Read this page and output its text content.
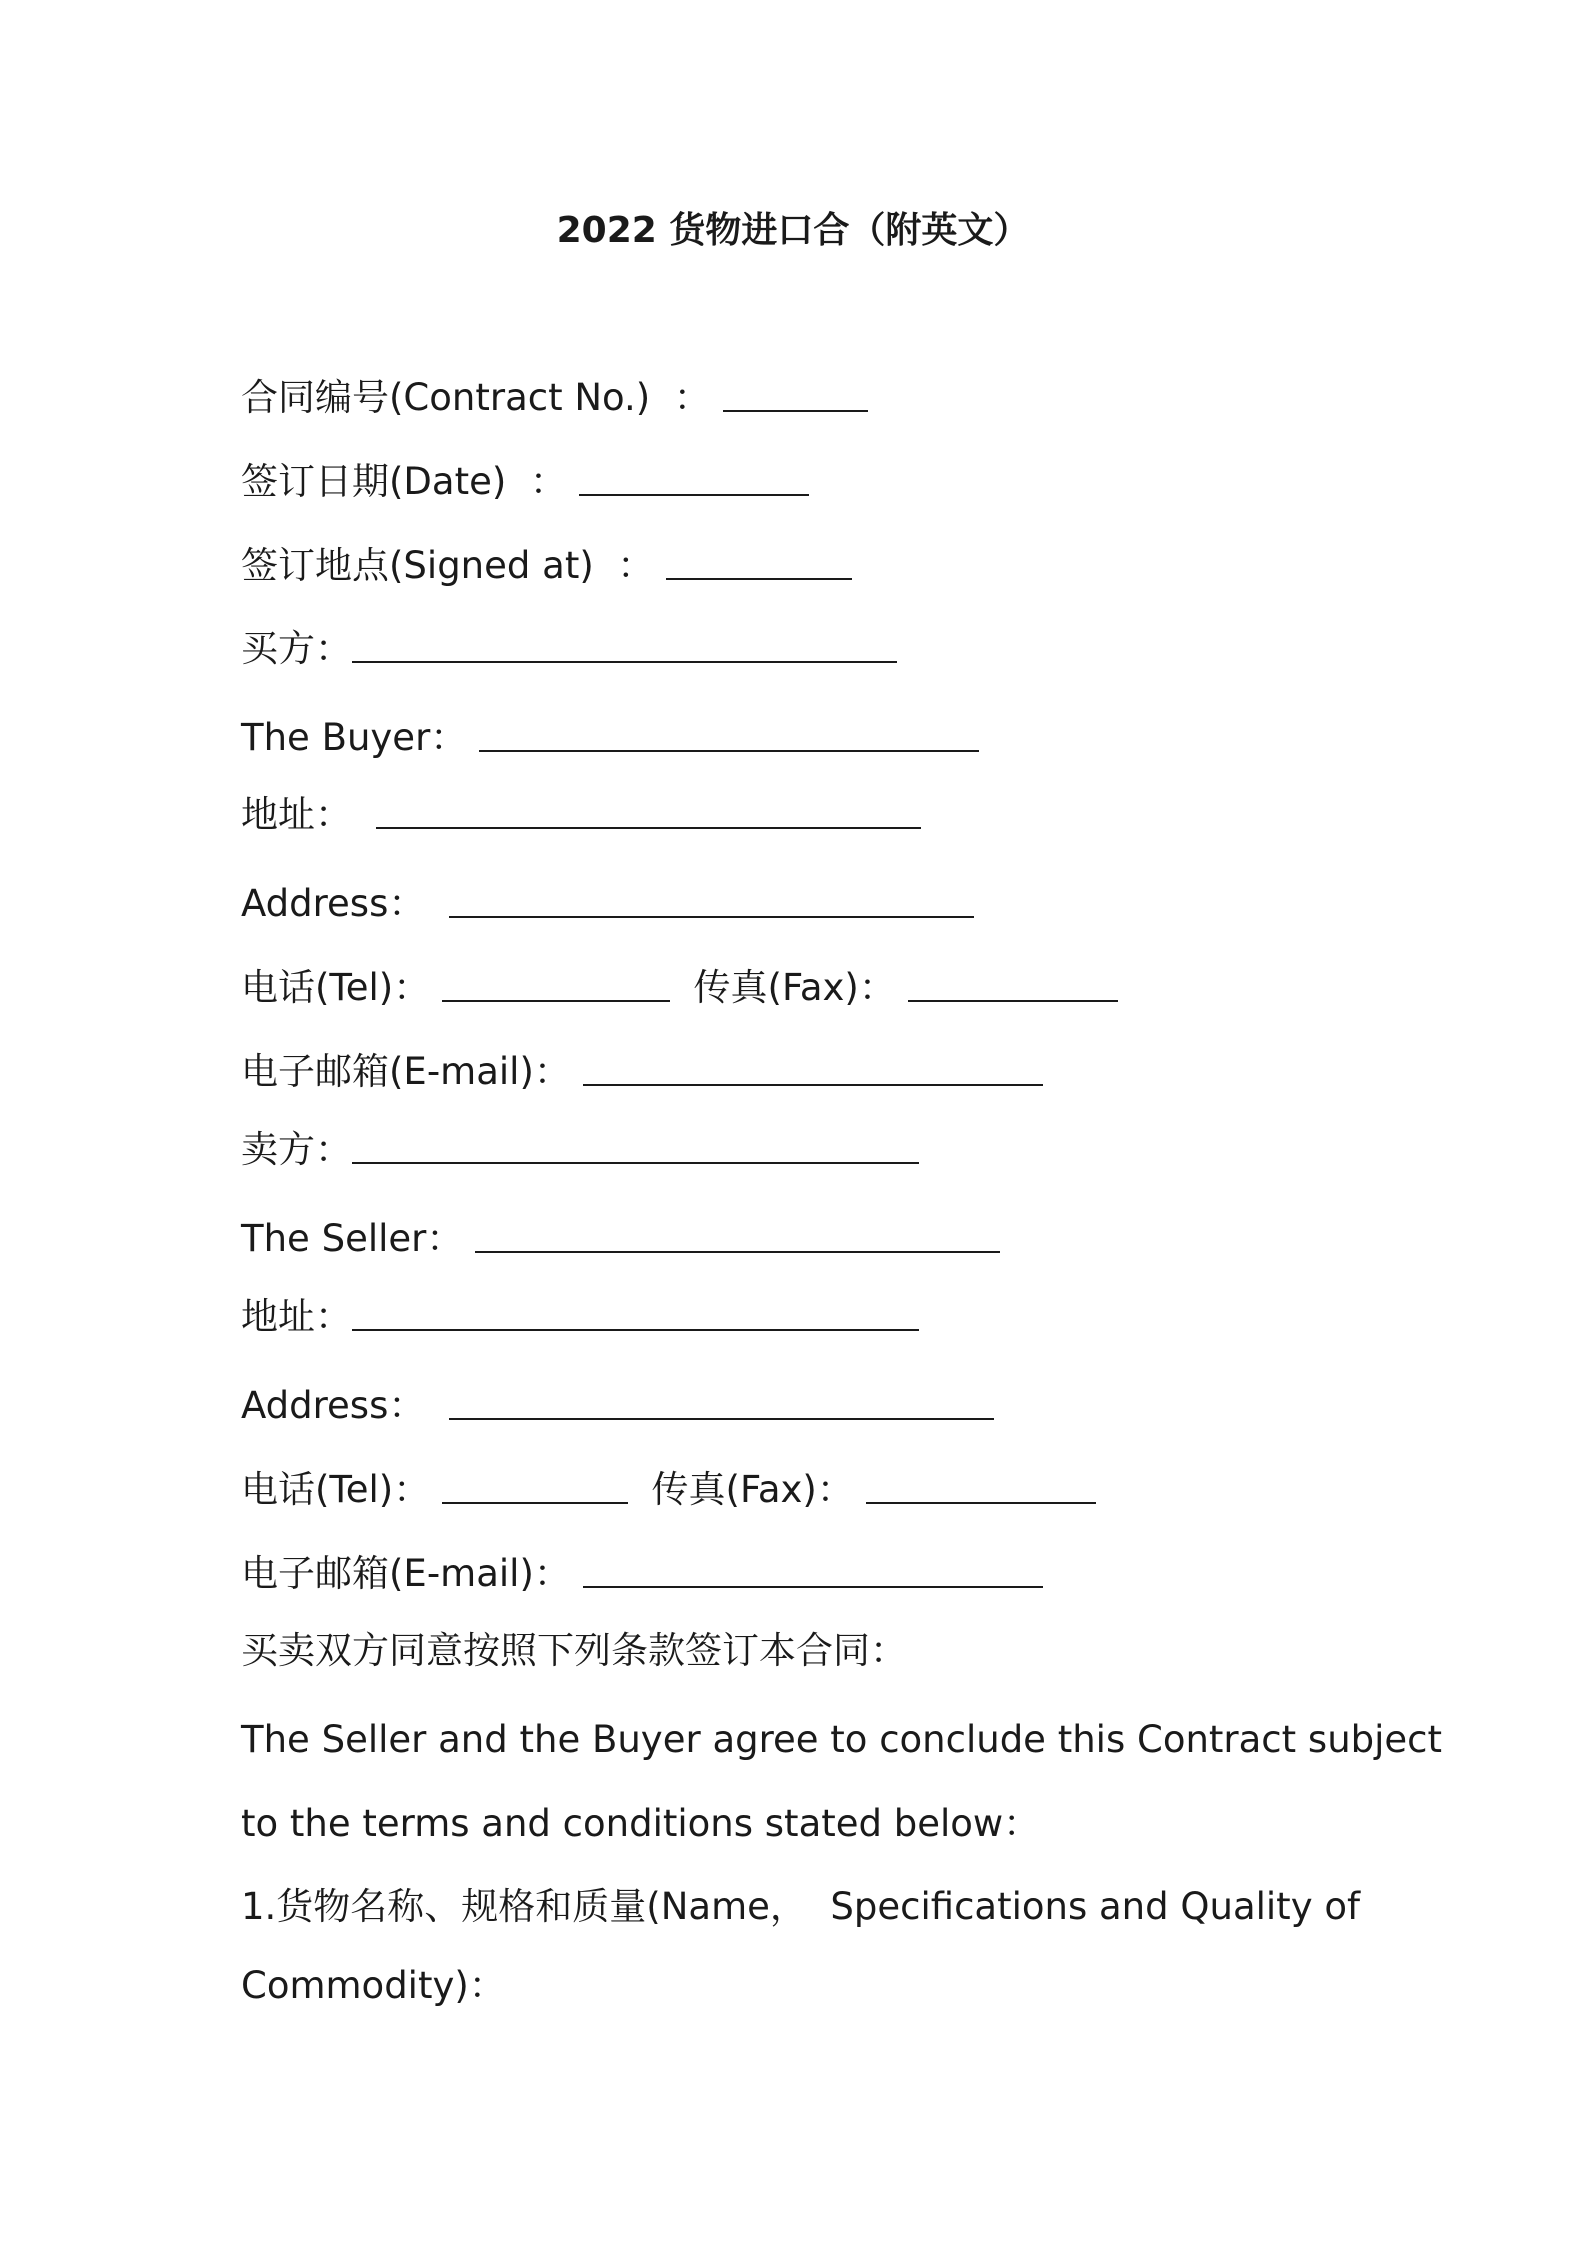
2022 货物进口合（附英文）
合同编号(Contract No.)  ：
签订日期(Date)  ：
签订地点(Signed at)  ：
买方：
The Buyer：
地址：
Address：
电话(Tel)：	传真(Fax)：
电子邮箱(E-mail)：
卖方：
The Seller：
地址：
Address：
电话(Tel)：	传真(Fax)：
电子邮箱(E-mail)：
买卖双方同意按照下列条款签订本合同：
The Seller and the Buyer agree to conclude this Contract subject
to the terms and conditions stated below：
1.货物名称、规格和质量(Name，  Specifications and Quality of
Commodity)：
